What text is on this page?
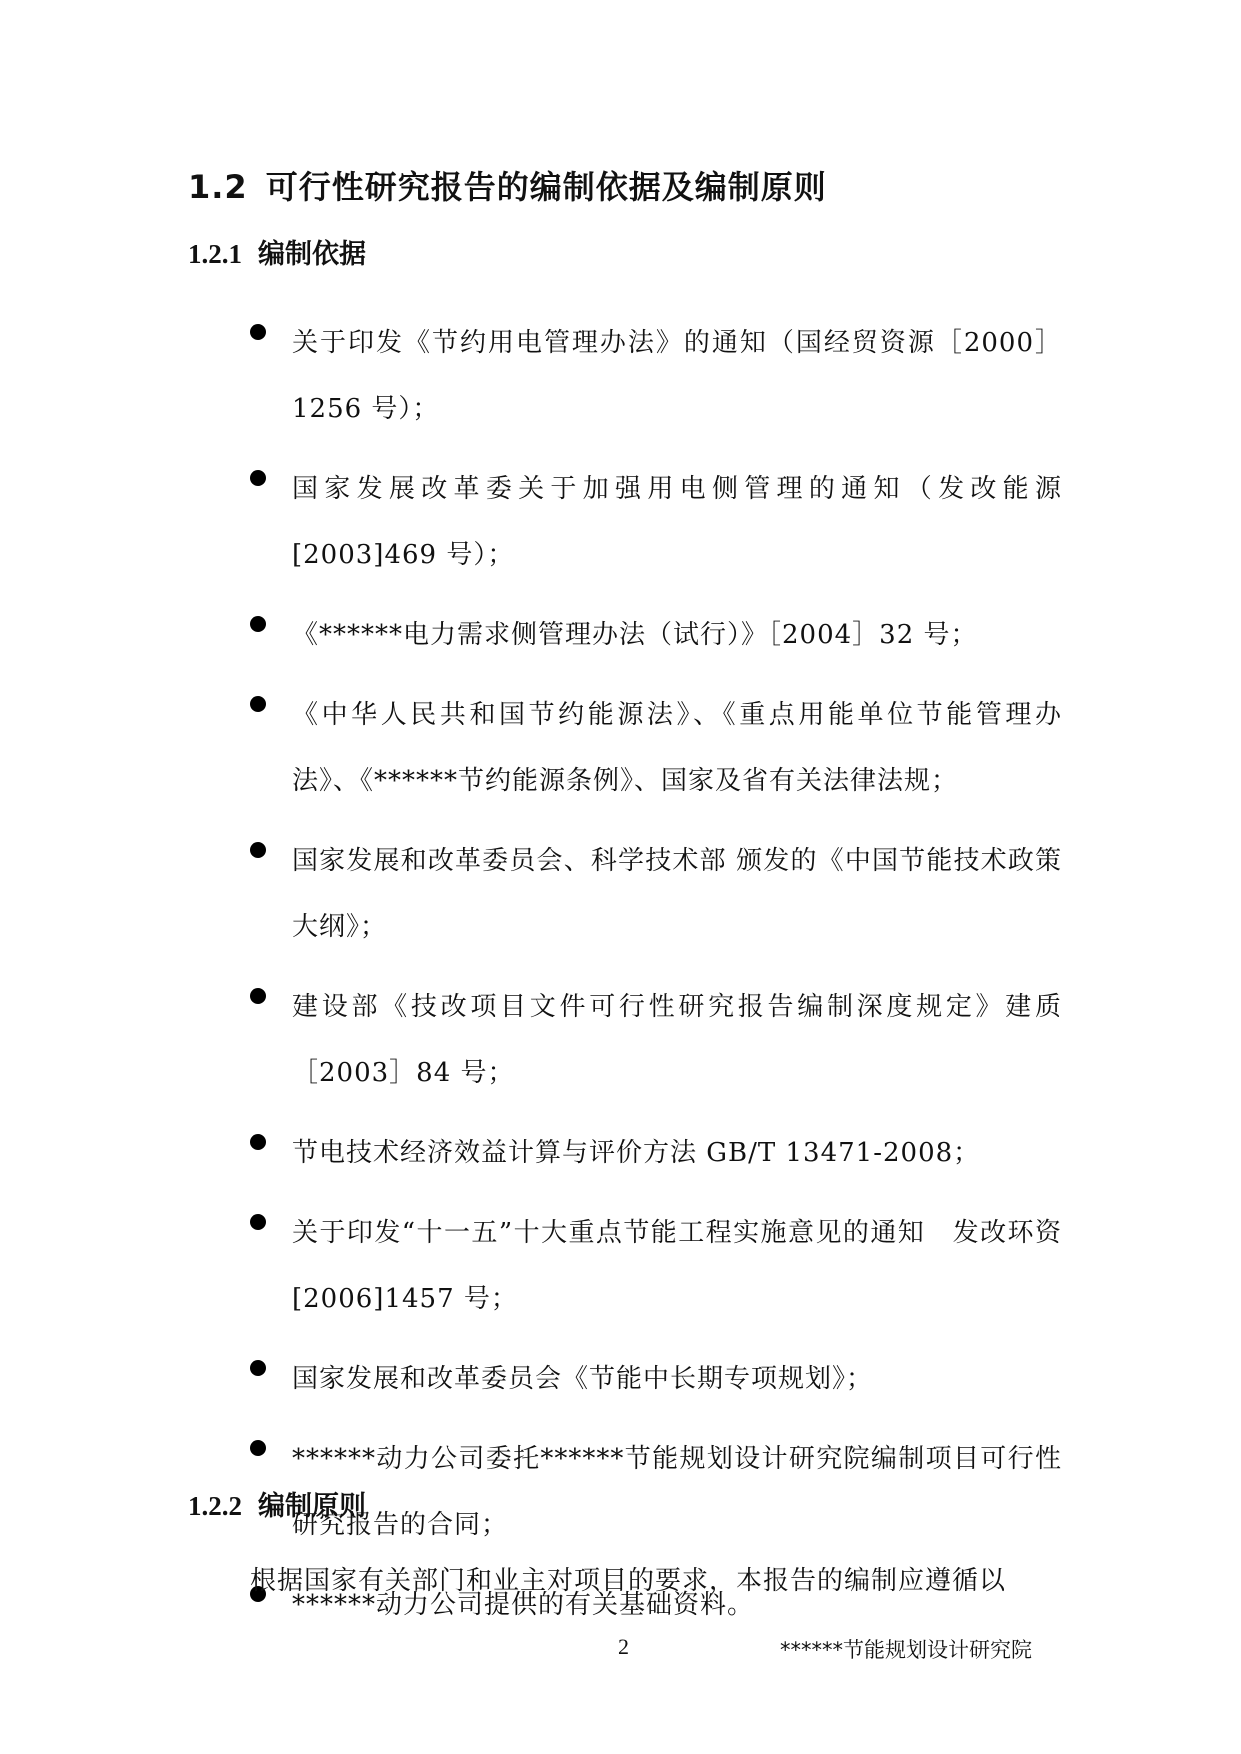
1.2 可行性研究报告的编制依据及编制原则
1.2.1 编制依据
关于印发《节约用电管理办法》的通知（国经贸资源［2000］1256 号）；
国家发展改革委关于加强用电侧管理的通知（发改能源[2003]469 号）；
《******电力需求侧管理办法（试行）》［2004］32 号；
《中华人民共和国节约能源法》、《重点用能单位节能管理办法》、《******节约能源条例》、国家及省有关法律法规；
国家发展和改革委员会、科学技术部 颁发的《中国节能技术政策大纲》；
建设部《技改项目文件可行性研究报告编制深度规定》建质［2003］84 号；
节电技术经济效益计算与评价方法 GB/T 13471-2008；
关于印发“十一五”十大重点节能工程实施意见的通知　发改环资[2006]1457 号；
国家发展和改革委员会《节能中长期专项规划》；
******动力公司委托******节能规划设计研究院编制项目可行性研究报告的合同；
******动力公司提供的有关基础资料。
1.2.2 编制原则
根据国家有关部门和业主对项目的要求，本报告的编制应遵循以
2	******节能规划设计研究院
